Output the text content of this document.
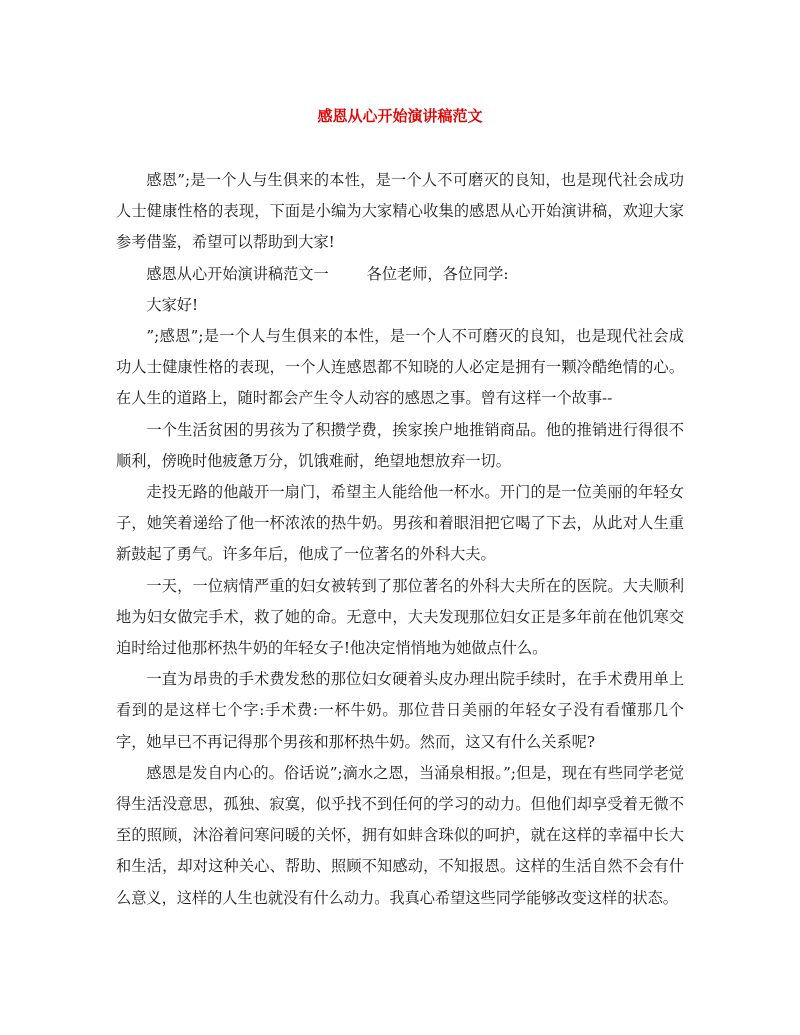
感恩从心开始演讲稿范文

感恩”;是一个人与生俱来的本性，是一个人不可磨灭的良知，也是现代社会成功人士健康性格的表现，下面是小编为大家精心收集的感恩从心开始演讲稿，欢迎大家参考借鉴，希望可以帮助到大家!

感恩从心开始演讲稿范文一	各位老师，各位同学:

大家好!

”;感恩”;是一个人与生俱来的本性，是一个人不可磨灭的良知，也是现代社会成功人士健康性格的表现，一个人连感恩都不知晓的人必定是拥有一颗冷酷绝情的心。在人生的道路上，随时都会产生令人动容的感恩之事。曾有这样一个故事--

一个生活贫困的男孩为了积攒学费，挨家挨户地推销商品。他的推销进行得很不顺利，傍晚时他疲惫万分，饥饿难耐，绝望地想放弃一切。

走投无路的他敲开一扇门，希望主人能给他一杯水。开门的是一位美丽的年轻女子，她笑着递给了他一杯浓浓的热牛奶。男孩和着眼泪把它喝了下去，从此对人生重新鼓起了勇气。许多年后，他成了一位著名的外科大夫。

一天，一位病情严重的妇女被转到了那位著名的外科大夫所在的医院。大夫顺利地为妇女做完手术，救了她的命。无意中，大夫发现那位妇女正是多年前在他饥寒交迫时给过他那杯热牛奶的年轻女子!他决定悄悄地为她做点什么。

一直为昂贵的手术费发愁的那位妇女硬着头皮办理出院手续时，在手术费用单上看到的是这样七个字:手术费:一杯牛奶。那位昔日美丽的年轻女子没有看懂那几个字，她早已不再记得那个男孩和那杯热牛奶。然而，这又有什么关系呢?

感恩是发自内心的。俗话说”;滴水之恩，当涌泉相报。”;但是，现在有些同学老觉得生活没意思，孤独、寂寞，似乎找不到任何的学习的动力。但他们却享受着无微不至的照顾，沐浴着问寒问暖的关怀，拥有如蚌含珠似的呵护，就在这样的幸福中长大和生活，却对这种关心、帮助、照顾不知感动，不知报恩。这样的生活自然不会有什么意义，这样的人生也就没有什么动力。我真心希望这些同学能够改变这样的状态。
